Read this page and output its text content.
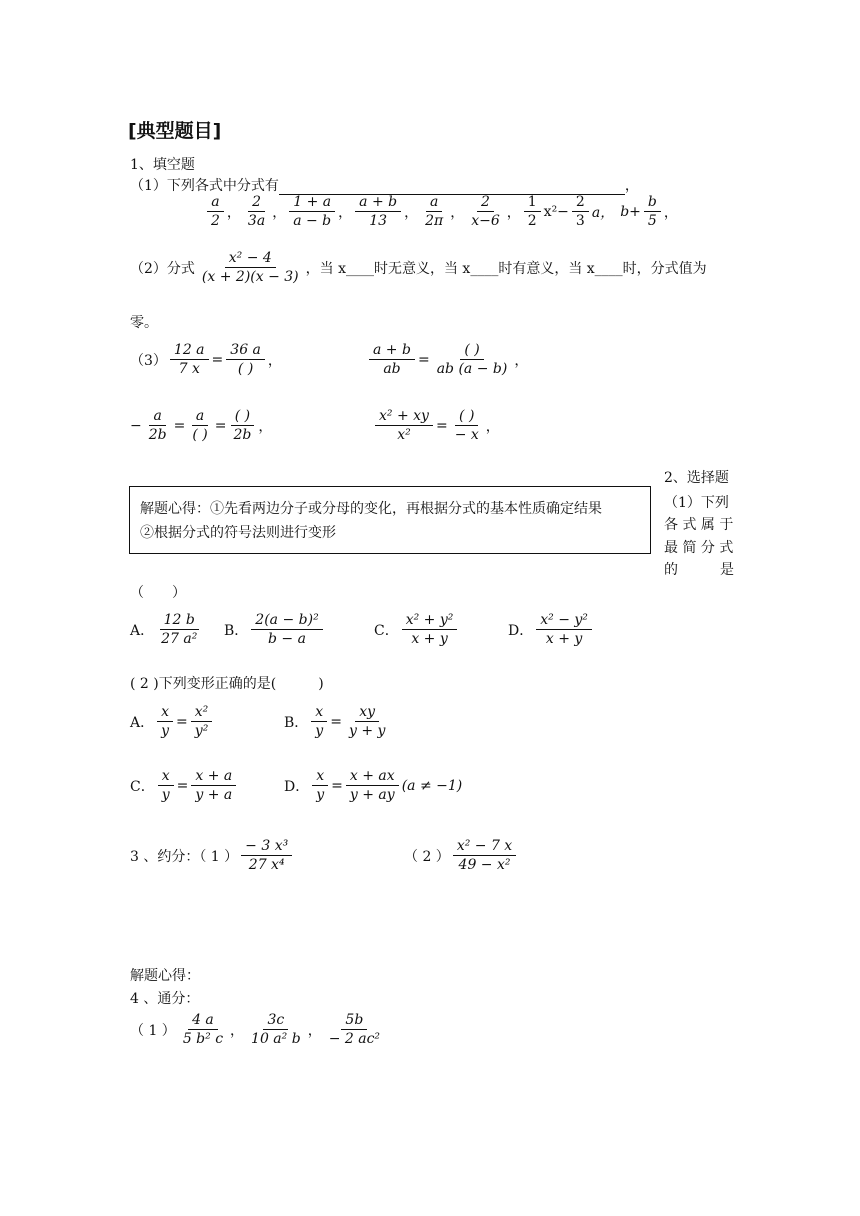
[典型题目]
1、填空题
（1）下列各式中分式有	，
$\frac{a}{2}$ ， $\frac{2}{3a}$ ， $\frac{1 + a}{a - b}$ ， $\frac{a + b}{13}$ ， $\frac{a}{2\pi}$ ， $\frac{2}{x-6}$ ， $\frac{1}{2} x^2- \frac{2}{3}$ a， $b+ \frac{b}{5}$ ，
（2）分式 $\frac{\text{x² − 4}}{(x + 2)(x - 3)}$ ，当 x____时无意义，当 x____时有意义，当 x____时，分式值为
零。
$(3) \frac{12 a}{7 x} = \frac{36 a}{( )}$ ，	$\frac{a + b}{ab} = \frac{( )}{ab (a - b)}$ ，
− $\frac{a}{2b} = \frac{a}{( )} = \frac{( )}{2b}$ ，	$\frac{\text{x² + xy}}{\text{x²}} = \frac{( )}{- x}$ ，
解题心得：①先看两边分子或分母的变化，再根据分式的基本性质确定结果
②根据分式的符号法则进行变形
2、选择题
（1）下列
各 式 属 于
最 简 分 式
的　　　是
（　　）
A． $\frac{12 b}{\text{27 a²}}$ B． $\frac{\text{2(a − b)²}}{b - a}$	C． $\frac{\text{x² + y²}}{x + y}$	D． $\frac{\text{x² − y²}}{x + y}$
( 2 )下列变形正确的是(　　　)
A． $\frac{x}{y} = \frac{\text{x²}}{\text{y²}}$	B． $\frac{x}{y} = \frac{xy}{y + y}$
C． $\frac{x}{y} = \frac{x + a}{y + a}$	D． $\frac{x}{y} = \frac{x + ax}{y + ay} (a \ne -1)$
3 、约分：（ 1 ） $\frac{\text{− 3 x³}}{\text{27 x⁴}}$	（ 2 ） $\frac{\text{x² − 7 x}}{\text{49 − x²}}$
解题心得：
4 、通分：
（ 1 ） $\frac{4 a}{\text{5 b² c}}$ ， $\frac{3c}{\text{10 a² b}}$ ， $\frac{5b}{\text{− 2 ac²}}$
